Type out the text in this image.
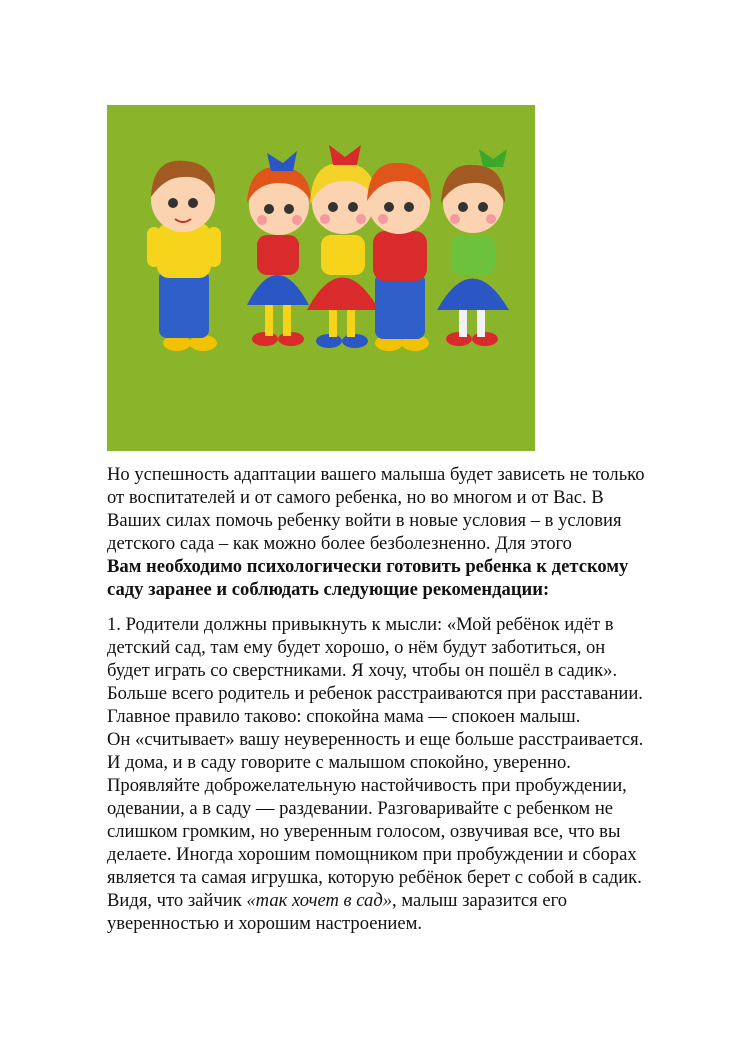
Но успешность адаптации вашего малыша будет зависеть не только
от воспитателей и от самого ребенка, но во многом и от Вас. В
Ваших силах помочь ребенку войти в новые условия – в условия
детского сада – как можно более безболезненно. Для этого
Вам необходимо психологически готовить ребенка к детскому
саду заранее и соблюдать следующие рекомендации:
1. Родители должны привыкнуть к мысли: «Мой ребёнок идёт в
детский сад, там ему будет хорошо, о нём будут заботиться, он
будет играть со сверстниками. Я хочу, чтобы он пошёл в садик».
Больше всего родитель и ребенок расстраиваются при расставании.
Главное правило таково: спокойна мама — спокоен малыш.
Он «считывает» вашу неуверенность и еще больше расстраивается.
И дома, и в саду говорите с малышом спокойно, уверенно.
Проявляйте доброжелательную настойчивость при пробуждении,
одевании, а в саду — раздевании. Разговаривайте с ребенком не
слишком громким, но уверенным голосом, озвучивая все, что вы
делаете. Иногда хорошим помощником при пробуждении и сборах
является та самая игрушка, которую ребёнок берет с собой в садик.
Видя, что зайчик «так хочет в сад», малыш заразится его
уверенностью и хорошим настроением.
